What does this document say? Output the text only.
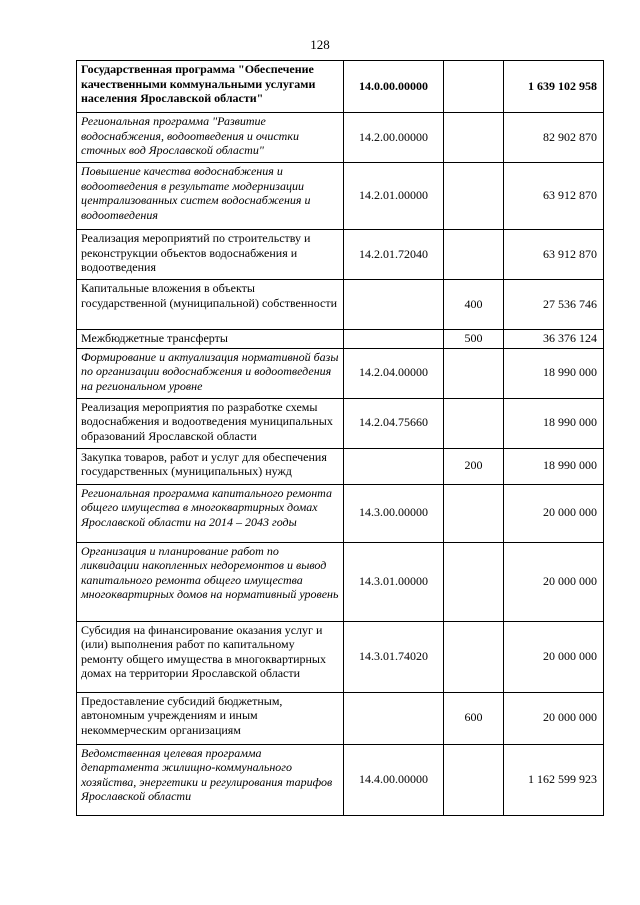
128
Государственная программа "Обеспечение качественными коммунальными услугами населения Ярославской области"	14.0.00.00000		1 639 102 958
Региональная программа "Развитие водоснабжения, водоотведения и очистки сточных вод Ярославской области"	14.2.00.00000		82 902 870
Повышение качества водоснабжения и водоотведения в результате модернизации централизованных систем водоснабжения и водоотведения	14.2.01.00000		63 912 870
Реализация мероприятий по строительству и реконструкции объектов водоснабжения и водоотведения	14.2.01.72040		63 912 870
Капитальные вложения в объекты государственной (муниципальной) собственности		400	27 536 746
Межбюджетные трансферты		500	36 376 124
Формирование и актуализация нормативной базы по организации водоснабжения и водоотведения на региональном уровне	14.2.04.00000		18 990 000
Реализация мероприятия по разработке схемы водоснабжения и водоотведения муниципальных образований Ярославской области	14.2.04.75660		18 990 000
Закупка товаров, работ и услуг для обеспечения государственных (муниципальных) нужд		200	18 990 000
Региональная программа капитального ремонта общего имущества в многоквартирных домах Ярославской области на 2014 – 2043 годы	14.3.00.00000		20 000 000
Организация и планирование работ по ликвидации накопленных недоремонтов и вывод капитального ремонта общего имущества многоквартирных домов на нормативный уровень	14.3.01.00000		20 000 000
Субсидия на финансирование оказания услуг и (или) выполнения работ по капитальному ремонту общего имущества в многоквартирных домах на территории Ярославской области	14.3.01.74020		20 000 000
Предоставление субсидий бюджетным, автономным учреждениям и иным некоммерческим организациям		600	20 000 000
Ведомственная целевая программа департамента жилищно-коммунального хозяйства, энергетики и регулирования тарифов Ярославской области	14.4.00.00000		1 162 599 923
